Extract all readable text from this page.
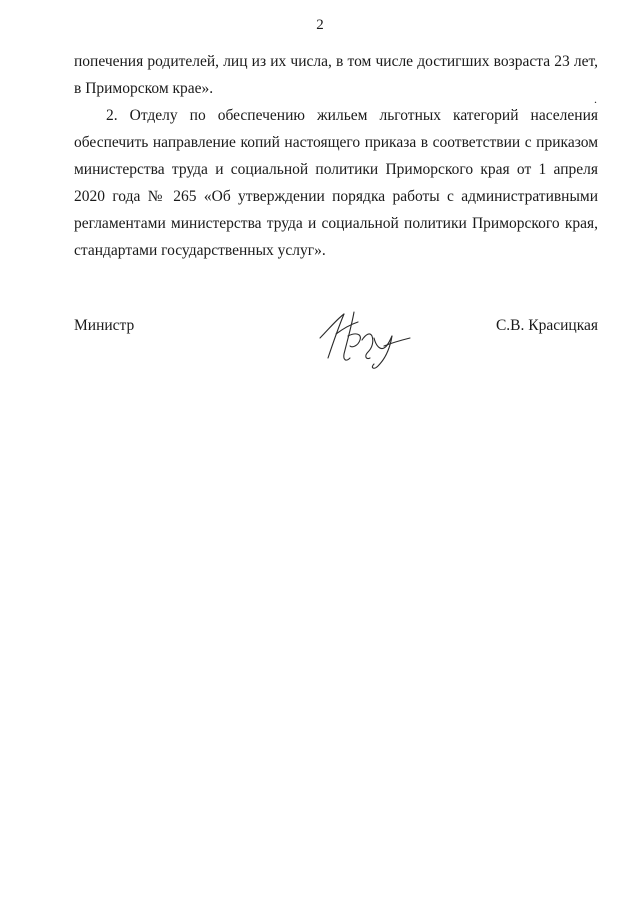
2
попечения родителей, лиц из их числа, в том числе достигших возраста 23 лет,
в Приморском крае».
.
2. Отделу по обеспечению жильем льготных категорий населения
обеспечить направление копий настоящего приказа в соответствии с приказом
министерства труда и социальной политики Приморского края от 1 апреля
2020 года № 265 «Об утверждении порядка работы с административными
регламентами министерства труда и социальной политики Приморского края,
стандартами государственных услуг».
Министр	С.В. Красицкая
